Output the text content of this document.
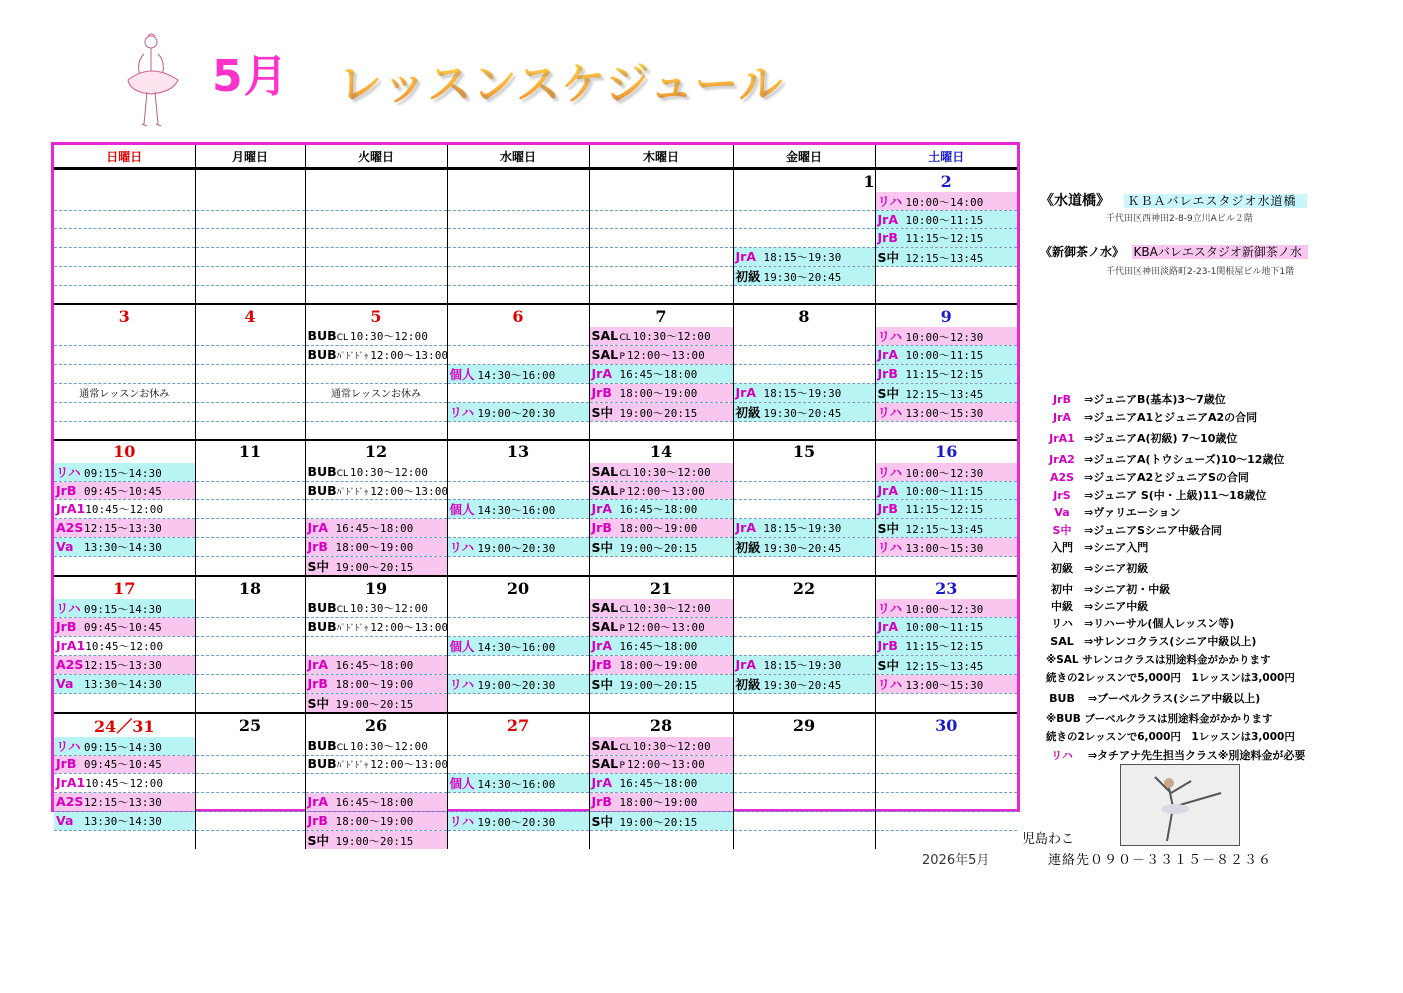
5月 レッスンスケジュール
日曜日	月曜日	火曜日	水曜日	木曜日	金曜日	土曜日
					1	2
						リハ 10:00～14:00
						JrA 10:00～11:15
						JrB 11:15～12:15
					JrA 18:15～19:30	S中 12:15～13:45
					初級 19:30～20:45	

3	4	5	6	7	8	9
		BUBCL 10:30～12:00		SALCL 10:30～12:00		リハ 10:00～12:30
		BUBﾊﾟﾄﾞﾄﾞｩ 12:00～13:00		SALP 12:00～13:00		JrA 10:00～11:15
			個人 14:30～16:00	JrA 16:45～18:00		JrB 11:15～12:15
通常レッスンお休み		通常レッスンお休み		JrB 18:00～19:00	JrA 18:15～19:30	S中 12:15～13:45
			リハ 19:00～20:30	S中 19:00～20:15	初級 19:30～20:45	リハ 13:00～15:30

10	11	12	13	14	15	16
リハ 09:15～14:30		BUBCL 10:30～12:00		SALCL 10:30～12:00		リハ 10:00～12:30
JrB 09:45～10:45		BUBﾊﾟﾄﾞﾄﾞｩ 12:00～13:00		SALP 12:00～13:00		JrA 10:00～11:15
JrA110:45～12:00			個人 14:30～16:00	JrA 16:45～18:00		JrB 11:15～12:15
A2S12:15～13:30		JrA 16:45～18:00		JrB 18:00～19:00	JrA 18:15～19:30	S中 12:15～13:45
Va 13:30～14:30		JrB 18:00～19:00	リハ 19:00～20:30	S中 19:00～20:15	初級 19:30～20:45	リハ 13:00～15:30
		S中 19:00～20:15				
17	18	19	20	21	22	23
リハ 09:15～14:30		BUBCL 10:30～12:00		SALCL 10:30～12:00		リハ 10:00～12:30
JrB 09:45～10:45		BUBﾊﾟﾄﾞﾄﾞｩ 12:00～13:00		SALP 12:00～13:00		JrA 10:00～11:15
JrA110:45～12:00			個人 14:30～16:00	JrA 16:45～18:00		JrB 11:15～12:15
A2S12:15～13:30		JrA 16:45～18:00		JrB 18:00～19:00	JrA 18:15～19:30	S中 12:15～13:45
Va 13:30～14:30		JrB 18:00～19:00	リハ 19:00～20:30	S中 19:00～20:15	初級 19:30～20:45	リハ 13:00～15:30
		S中 19:00～20:15				
24／31	25	26	27	28	29	30
リハ 09:15～14:30		BUBCL 10:30～12:00		SALCL 10:30～12:00		
JrB 09:45～10:45		BUBﾊﾟﾄﾞﾄﾞｩ 12:00～13:00		SALP 12:00～13:00		
JrA110:45～12:00			個人 14:30～16:00	JrA 16:45～18:00		
A2S12:15～13:30		JrA 16:45～18:00		JrB 18:00～19:00		
Va 13:30～14:30		JrB 18:00～19:00	リハ 19:00～20:30	S中 19:00～20:15		
		S中 19:00～20:15				
《水道橋》 ＫＢＡバレエスタジオ水道橋
千代田区西神田2-8-9立川Aビル２階
《新御茶ノ水》 KBAバレエスタジオ新御茶ノ水
千代田区神田淡路町2-23-1関根屋ビル地下1階
JrB ⇒ジュニアB(基本)3～7歳位
JrA ⇒ジュニアA1とジュニアA2の合同
JrA1 ⇒ジュニアA(初級) 7～10歳位
JrA2 ⇒ジュニアA(トウシューズ)10～12歳位
A2S ⇒ジュニアA2とジュニアSの合同
JrS ⇒ジュニア S(中・上級)11～18歳位
Va ⇒ヴァリエーション
S中 ⇒ジュニアSシニア中級合同
入門 ⇒シニア入門
初級 ⇒シニア初級
初中 ⇒シニア初・中級
中級 ⇒シニア中級
リハ ⇒リハーサル(個人レッスン等)
SAL ⇒サレンコクラス(シニア中級以上)
※SAL サレンコクラスは別途料金がかかります
続きの2レッスンで5,000円　1レッスンは3,000円
BUB ⇒ブーベルクラス(シニア中級以上)
※BUB ブーベルクラスは別途料金がかかります
続きの2レッスンで6,000円　1レッスンは3,000円
リハ ⇒タチアナ先生担当クラス※別途料金が必要
児島わこ
2026年5月	連絡先０９０－３３１５－８２３６
